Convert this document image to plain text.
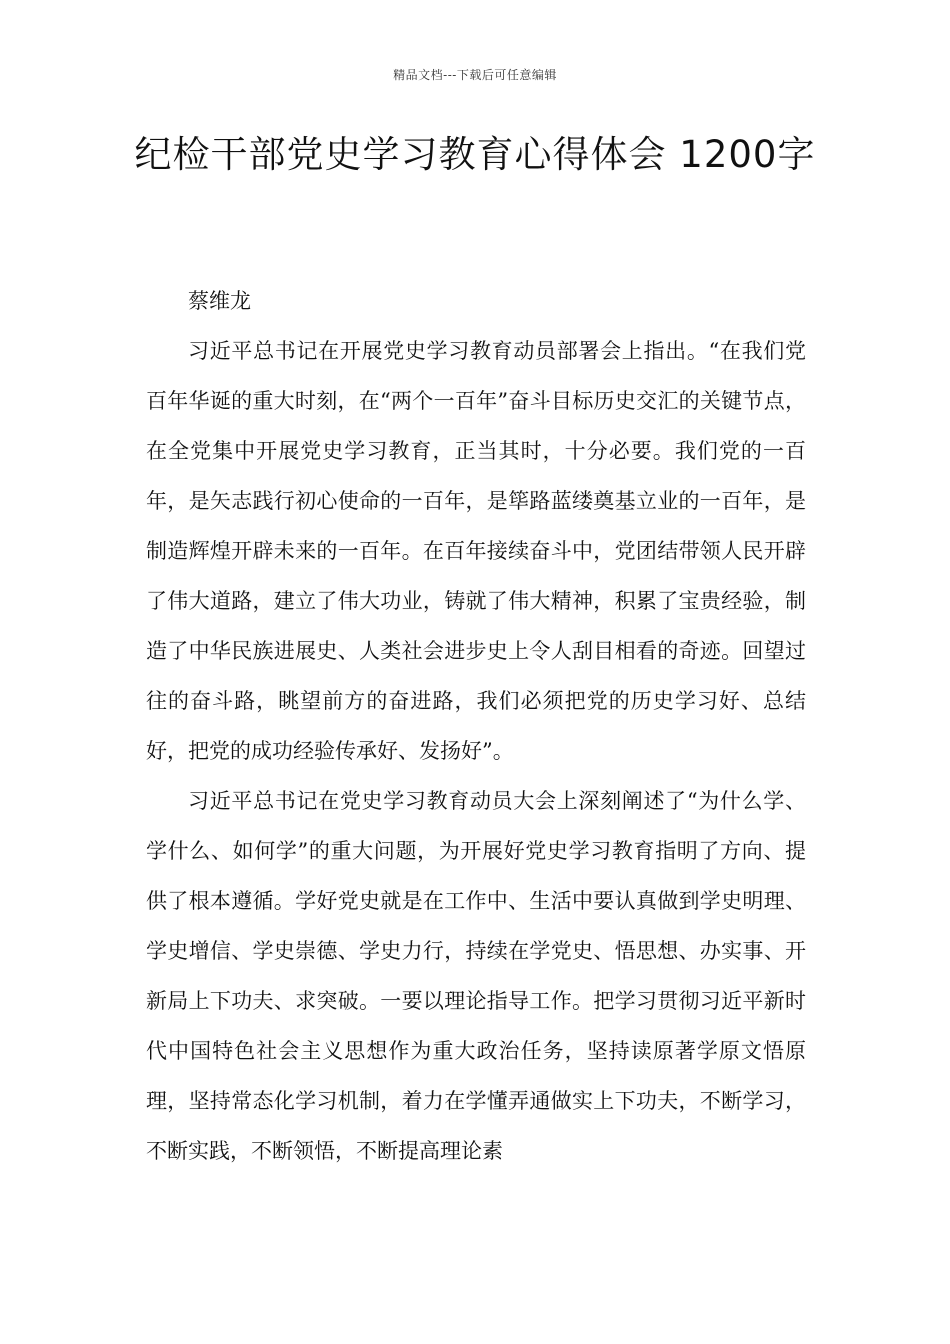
精品文档---下载后可任意编辑
纪检干部党史学习教育心得体会 1200字

蔡维龙

习近平总书记在开展党史学习教育动员部署会上指出。“在我们党百年华诞的重大时刻，在“两个一百年”奋斗目标历史交汇的关键节点，在全党集中开展党史学习教育，正当其时，十分必要。我们党的一百年，是矢志践行初心使命的一百年，是筚路蓝缕奠基立业的一百年，是制造辉煌开辟未来的一百年。在百年接续奋斗中，党团结带领人民开辟了伟大道路，建立了伟大功业，铸就了伟大精神，积累了宝贵经验，制造了中华民族进展史、人类社会进步史上令人刮目相看的奇迹。回望过往的奋斗路，眺望前方的奋进路，我们必须把党的历史学习好、总结好，把党的成功经验传承好、发扬好”。

习近平总书记在党史学习教育动员大会上深刻阐述了“为什么学、学什么、如何学”的重大问题，为开展好党史学习教育指明了方向、提供了根本遵循。学好党史就是在工作中、生活中要认真做到学史明理、学史增信、学史崇德、学史力行，持续在学党史、悟思想、办实事、开新局上下功夫、求突破。一要以理论指导工作。把学习贯彻习近平新时代中国特色社会主义思想作为重大政治任务，坚持读原著学原文悟原理，坚持常态化学习机制，着力在学懂弄通做实上下功夫，不断学习，不断实践，不断领悟，不断提高理论素
